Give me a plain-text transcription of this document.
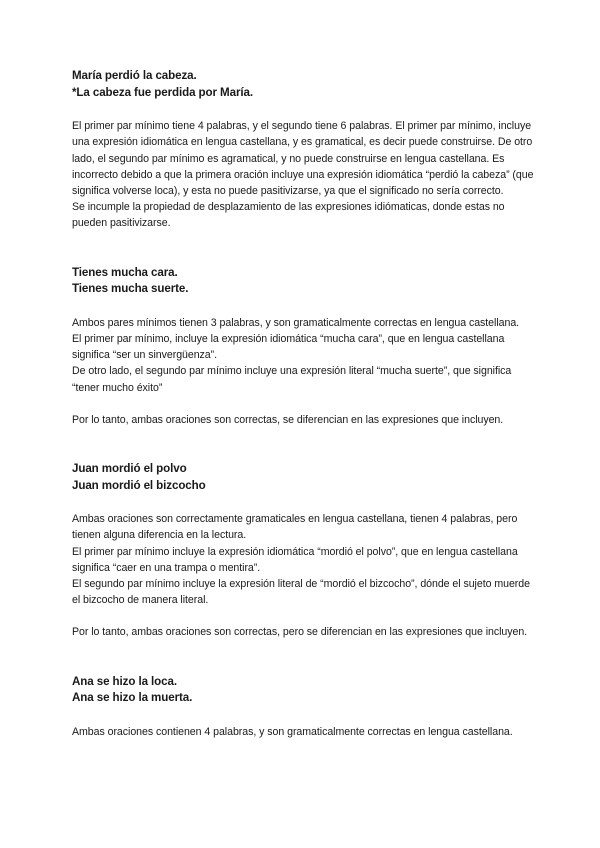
María perdió la cabeza.

*La cabeza fue perdida por María.

El primer par mínimo tiene 4 palabras, y el segundo tiene 6 palabras. El primer par mínimo, incluye una expresión idiomática en lengua castellana, y es gramatical, es decir puede construirse. De otro lado, el segundo par mínimo es agramatical, y no puede construirse en lengua castellana. Es incorrecto debido a que la primera oración incluye una expresión idiomática “perdió la cabeza” (que significa volverse loca), y esta no puede pasitivizarse, ya que el significado no sería correcto.

Se incumple la propiedad de desplazamiento de las expresiones idiómaticas, donde estas no pueden pasitivizarse.

Tienes mucha cara.

Tienes mucha suerte.

Ambos pares mínimos tienen 3 palabras, y son gramaticalmente correctas en lengua castellana.

El primer par mínimo, incluye la expresión idiomática “mucha cara”, que en lengua castellana significa “ser un sinvergüenza”.

De otro lado, el segundo par mínimo incluye una expresión literal “mucha suerte”, que significa “tener mucho éxito”

Por lo tanto, ambas oraciones son correctas, se diferencian en las expresiones que incluyen.

Juan mordió el polvo

Juan mordió el bizcocho

Ambas oraciones son correctamente gramaticales en lengua castellana, tienen 4 palabras, pero tienen alguna diferencia en la lectura.

El primer par mínimo incluye la expresión idiomática “mordió el polvo”, que en lengua castellana significa “caer en una trampa o mentira”.

El segundo par mínimo incluye la expresión literal de “mordió el bizcocho”, dónde el sujeto muerde el bizcocho de manera literal.

Por lo tanto, ambas oraciones son correctas, pero se diferencian en las expresiones que incluyen.

Ana se hizo la loca.

Ana se hizo la muerta.

Ambas oraciones contienen 4 palabras, y son gramaticalmente correctas en lengua castellana.
